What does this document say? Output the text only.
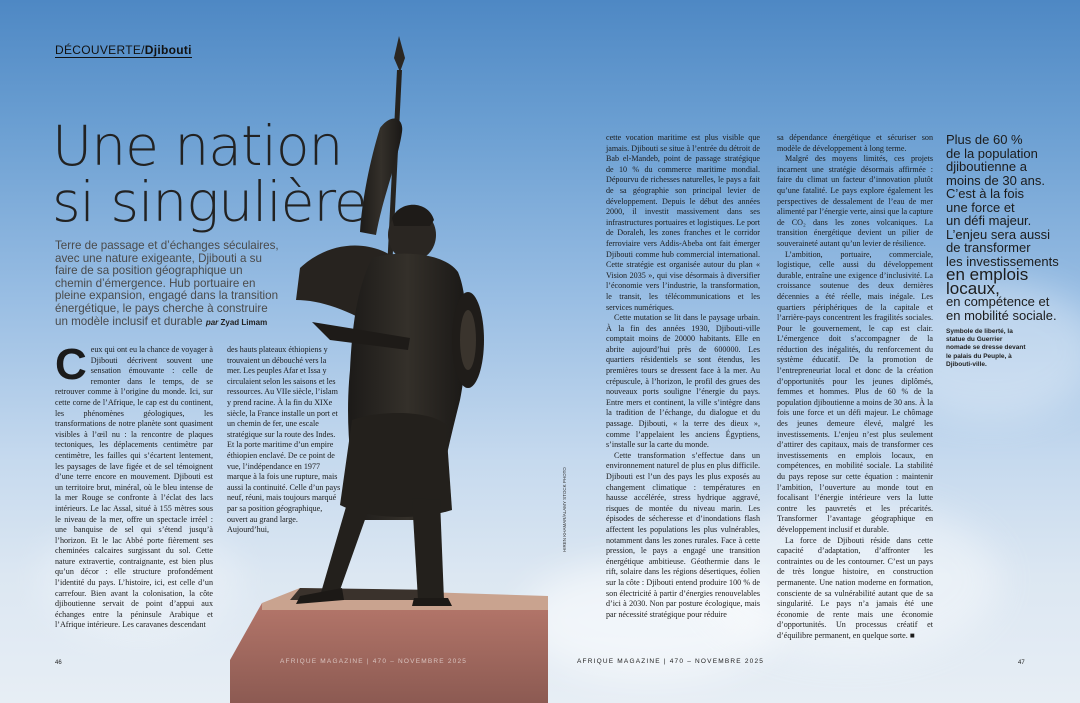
DÉCOUVERTE/Djibouti
Une nation
si singulière
Terre de passage et d’échanges séculaires, avec une nature exigeante, Djibouti a su faire de sa position géographique un chemin d’émergence. Hub portuaire en pleine expansion, engagé dans la transition énergétique, le pays cherche à construire un modèle inclusif et durable par Zyad Limam

Ceux qui ont eu la chance de voyager à Djibouti décrivent souvent une sensation émouvante : celle de remonter dans le temps, de se retrouver comme à l’origine du monde. Ici, sur cette corne de l’Afrique, le cap est du continent, les phénomènes géologiques, les transformations de notre planète sont quasiment visibles à l’œil nu : la rencontre de plaques tectoniques, les déplacements centimètre par centimètre, les failles qui s’écartent lentement, les paysages de lave figée et de sel témoignent d’une terre encore en mouvement. Djibouti est un territoire brut, minéral, où le bleu intense de la mer Rouge se confronte à l’éclat des lacs intérieurs. Le lac Assal, situé à 155 mètres sous le niveau de la mer, offre un spectacle irréel : une banquise de sel qui s’étend jusqu’à l’horizon. Et le lac Abbé porte fièrement ses cheminées calcaires surgissant du sol. Cette nature extravertie, contraignante, est bien plus qu’un décor : elle structure profondément l’identité du pays. L’histoire, ici, est celle d’un carrefour. Bien avant la colonisation, la côte djiboutienne servait de point d’appui aux échanges entre la péninsule Arabique et l’Afrique intérieure. Les caravanes descendant

des hauts plateaux éthiopiens y trouvaient un débouché vers la mer. Les peuples Afar et Issa y circulaient selon les saisons et les ressources. Au VIIe siècle, l’islam y prend racine. À la fin du XIXe siècle, la France installe un port et un chemin de fer, une escale stratégique sur la route des Indes. Et la porte maritime d’un empire éthiopien enclavé. De ce point de vue, l’indépendance en 1977 marque à la fois une rupture, mais aussi la continuité. Celle d’un pays neuf, réuni, mais toujours marqué par sa position géographique, ouvert au grand large. Aujourd’hui,

cette vocation maritime est plus visible que jamais. Djibouti se situe à l’entrée du détroit de Bab el-Mandeb, point de passage stratégique de 10 % du commerce maritime mondial. Dépourvu de richesses naturelles, le pays a fait de sa géographie son principal levier de développement. Depuis le début des années 2000, il investit massivement dans ses infrastructures portuaires et logistiques. Le port de Doraleh, les zones franches et le corridor ferroviaire vers Addis-Abeba ont fait émerger Djibouti comme hub commercial international. Cette stratégie est organisée autour du plan « Vision 2035 », qui vise désormais à diversifier l’économie vers l’industrie, la transformation, le transit, les télécommunications et les services numériques.

Cette mutation se lit dans le paysage urbain. À la fin des années 1930, Djibouti-ville comptait moins de 20000 habitants. Elle en abrite aujourd’hui près de 600000. Les quartiers résidentiels se sont étendus, les premières tours se dressent face à la mer. Au crépuscule, à l’horizon, le profil des grues des nouveaux ports souligne l’énergie du pays. Entre mers et continent, la ville s’intègre dans la tradition de l’échange, du dialogue et du passage. Djibouti, « la terre des dieux », comme l’appelaient les anciens Égyptiens, s’installe sur la carte du monde.

Cette transformation s’effectue dans un environnement naturel de plus en plus difficile. Djibouti est l’un des pays les plus exposés au changement climatique : températures en hausse accélérée, stress hydrique aggravé, risques de montée du niveau marin. Les épisodes de sécheresse et d’inondations flash affectent les populations les plus vulnérables, notamment dans les zones rurales. Face à cette pression, le pays a engagé une transition énergétique ambitieuse. Géothermie dans le rift, solaire dans les régions désertiques, éolien sur la côte : Djibouti entend produire 100 % de son électricité à partir d’énergies renouvelables d’ici à 2030. Non par posture écologique, mais par nécessité stratégique pour réduire

sa dépendance énergétique et sécuriser son modèle de développement à long terme.

Malgré des moyens limités, ces projets incarnent une stratégie désormais affirmée : faire du climat un facteur d’innovation plutôt qu’une fatalité. Le pays explore également les perspectives de dessalement de l’eau de mer alimenté par l’énergie verte, ainsi que la capture de CO₂ dans les zones volcaniques. La transition énergétique devient un pilier de souveraineté autant qu’un levier de résilience.

L’ambition, portuaire, commerciale, logistique, celle aussi du développement durable, entraîne une exigence d’inclusivité. La croissance soutenue des deux dernières décennies a été réelle, mais inégale. Les quartiers périphériques de la capitale et l’arrière-pays concentrent les fragilités sociales. Pour le gouvernement, le cap est clair. L’émergence doit s’accompagner de la réduction des inégalités, du renforcement du système éducatif. De la promotion de l’entrepreneuriat local et donc de la création d’opportunités pour les jeunes diplômés, femmes et hommes. Plus de 60 % de la population djiboutienne a moins de 30 ans. À la fois une force et un défi majeur. Le chômage des jeunes demeure élevé, malgré les investissements. L’enjeu n’est plus seulement d’attirer des capitaux, mais de transformer ces investissements en emplois locaux, en compétences, en mobilité sociale. La stabilité du pays repose sur cette équation : maintenir l’ambition, l’ouverture au monde tout en focalisant l’énergie intérieure vers la lutte contre les pauvretés et les précarités. Transformer l’avantage géographique en développement inclusif et durable.

La force de Djibouti réside dans cette capacité d’adaptation, d’affronter les contraintes ou de les contourner. C’est un pays de très longue histoire, en construction permanente. Une nation moderne en formation, consciente de sa vulnérabilité autant que de sa singularité. Le pays n’a jamais été une économie de rente mais une économie d’opportunités. Un processus créatif et d’équilibre permanent, en quelque sorte. ■

Plus de 60 %
de la population
djiboutienne a
moins de 30 ans.
C’est à la fois
une force et
un défi majeur.
L’enjeu sera aussi
de transformer
les investissements
en emplois
locaux,
en compétence et
en mobilité sociale.
Symbole de liberté, la statue du Guerrier nomade se dresse devant le palais du Peuple, à Djibouti-ville.
HIREN KHAMAR/ALAMY STOCK PHOTO
46	AFRIQUE MAGAZINE | 470 – NOVEMBRE 2025	AFRIQUE MAGAZINE | 470 – NOVEMBRE 2025	47
